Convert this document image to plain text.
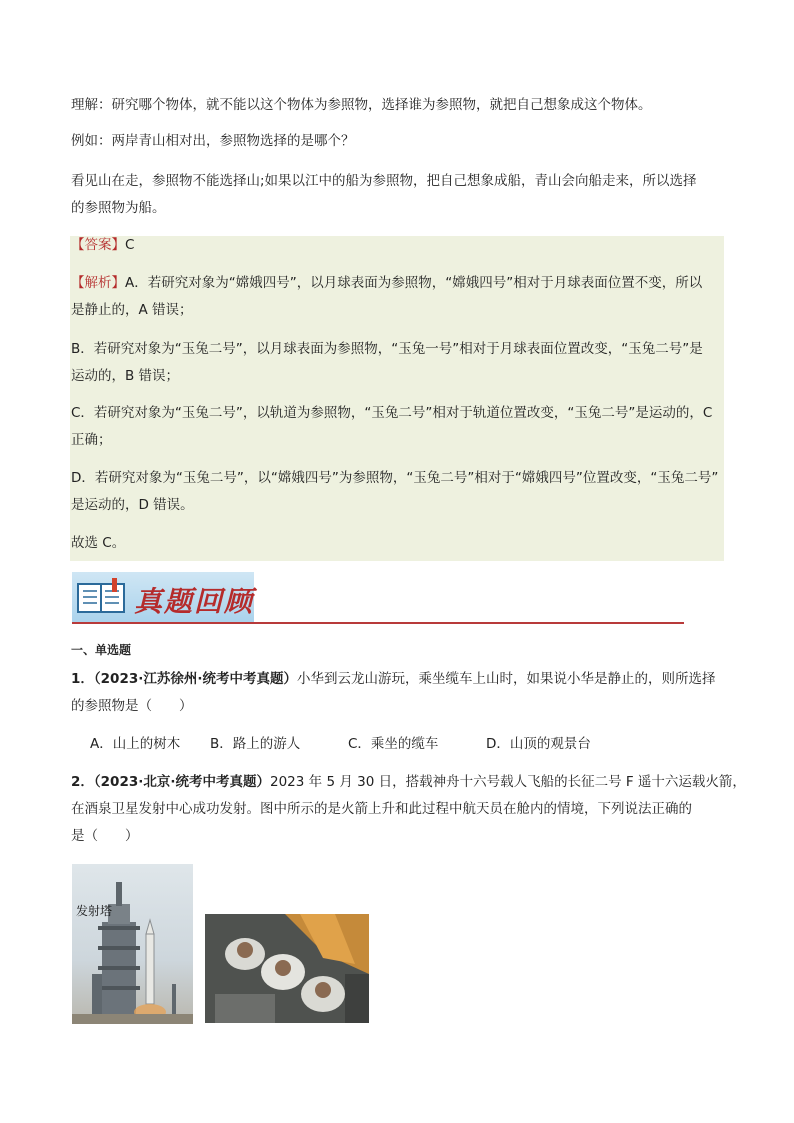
理解：研究哪个物体，就不能以这个物体为参照物，选择谁为参照物，就把自己想象成这个物体。
例如：两岸青山相对出，参照物选择的是哪个？
看见山在走，参照物不能选择山;如果以江中的船为参照物，把自己想象成船，青山会向船走来，所以选择
的参照物为船。
【答案】C
【解析】A．若研究对象为“嫦娥四号”，以月球表面为参照物，“嫦娥四号”相对于月球表面位置不变，所以
是静止的，A 错误；
B．若研究对象为“玉兔二号”，以月球表面为参照物，“玉兔一号”相对于月球表面位置改变，“玉兔二号”是
运动的，B 错误；
C．若研究对象为“玉兔二号”，以轨道为参照物，“玉兔二号”相对于轨道位置改变，“玉兔二号”是运动的，C
正确；
D．若研究对象为“玉兔二号”，以“嫦娥四号”为参照物，“玉兔二号”相对于“嫦娥四号”位置改变，“玉兔二号”
是运动的，D 错误。
故选 C。
真题回顾
一、单选题
1．（2023·江苏徐州·统考中考真题）小华到云龙山游玩，乘坐缆车上山时，如果说小华是静止的，则所选择
的参照物是（　　）
A．山上的树木 B．路上的游人	C．乘坐的缆车	D．山顶的观景台
2．（2023·北京·统考中考真题）2023 年 5 月 30 日，搭载神舟十六号载人飞船的长征二号 F 遥十六运载火箭，
在酒泉卫星发射中心成功发射。图中所示的是火箭上升和此过程中航天员在舱内的情境，下列说法正确的
是（　　）
发射塔
